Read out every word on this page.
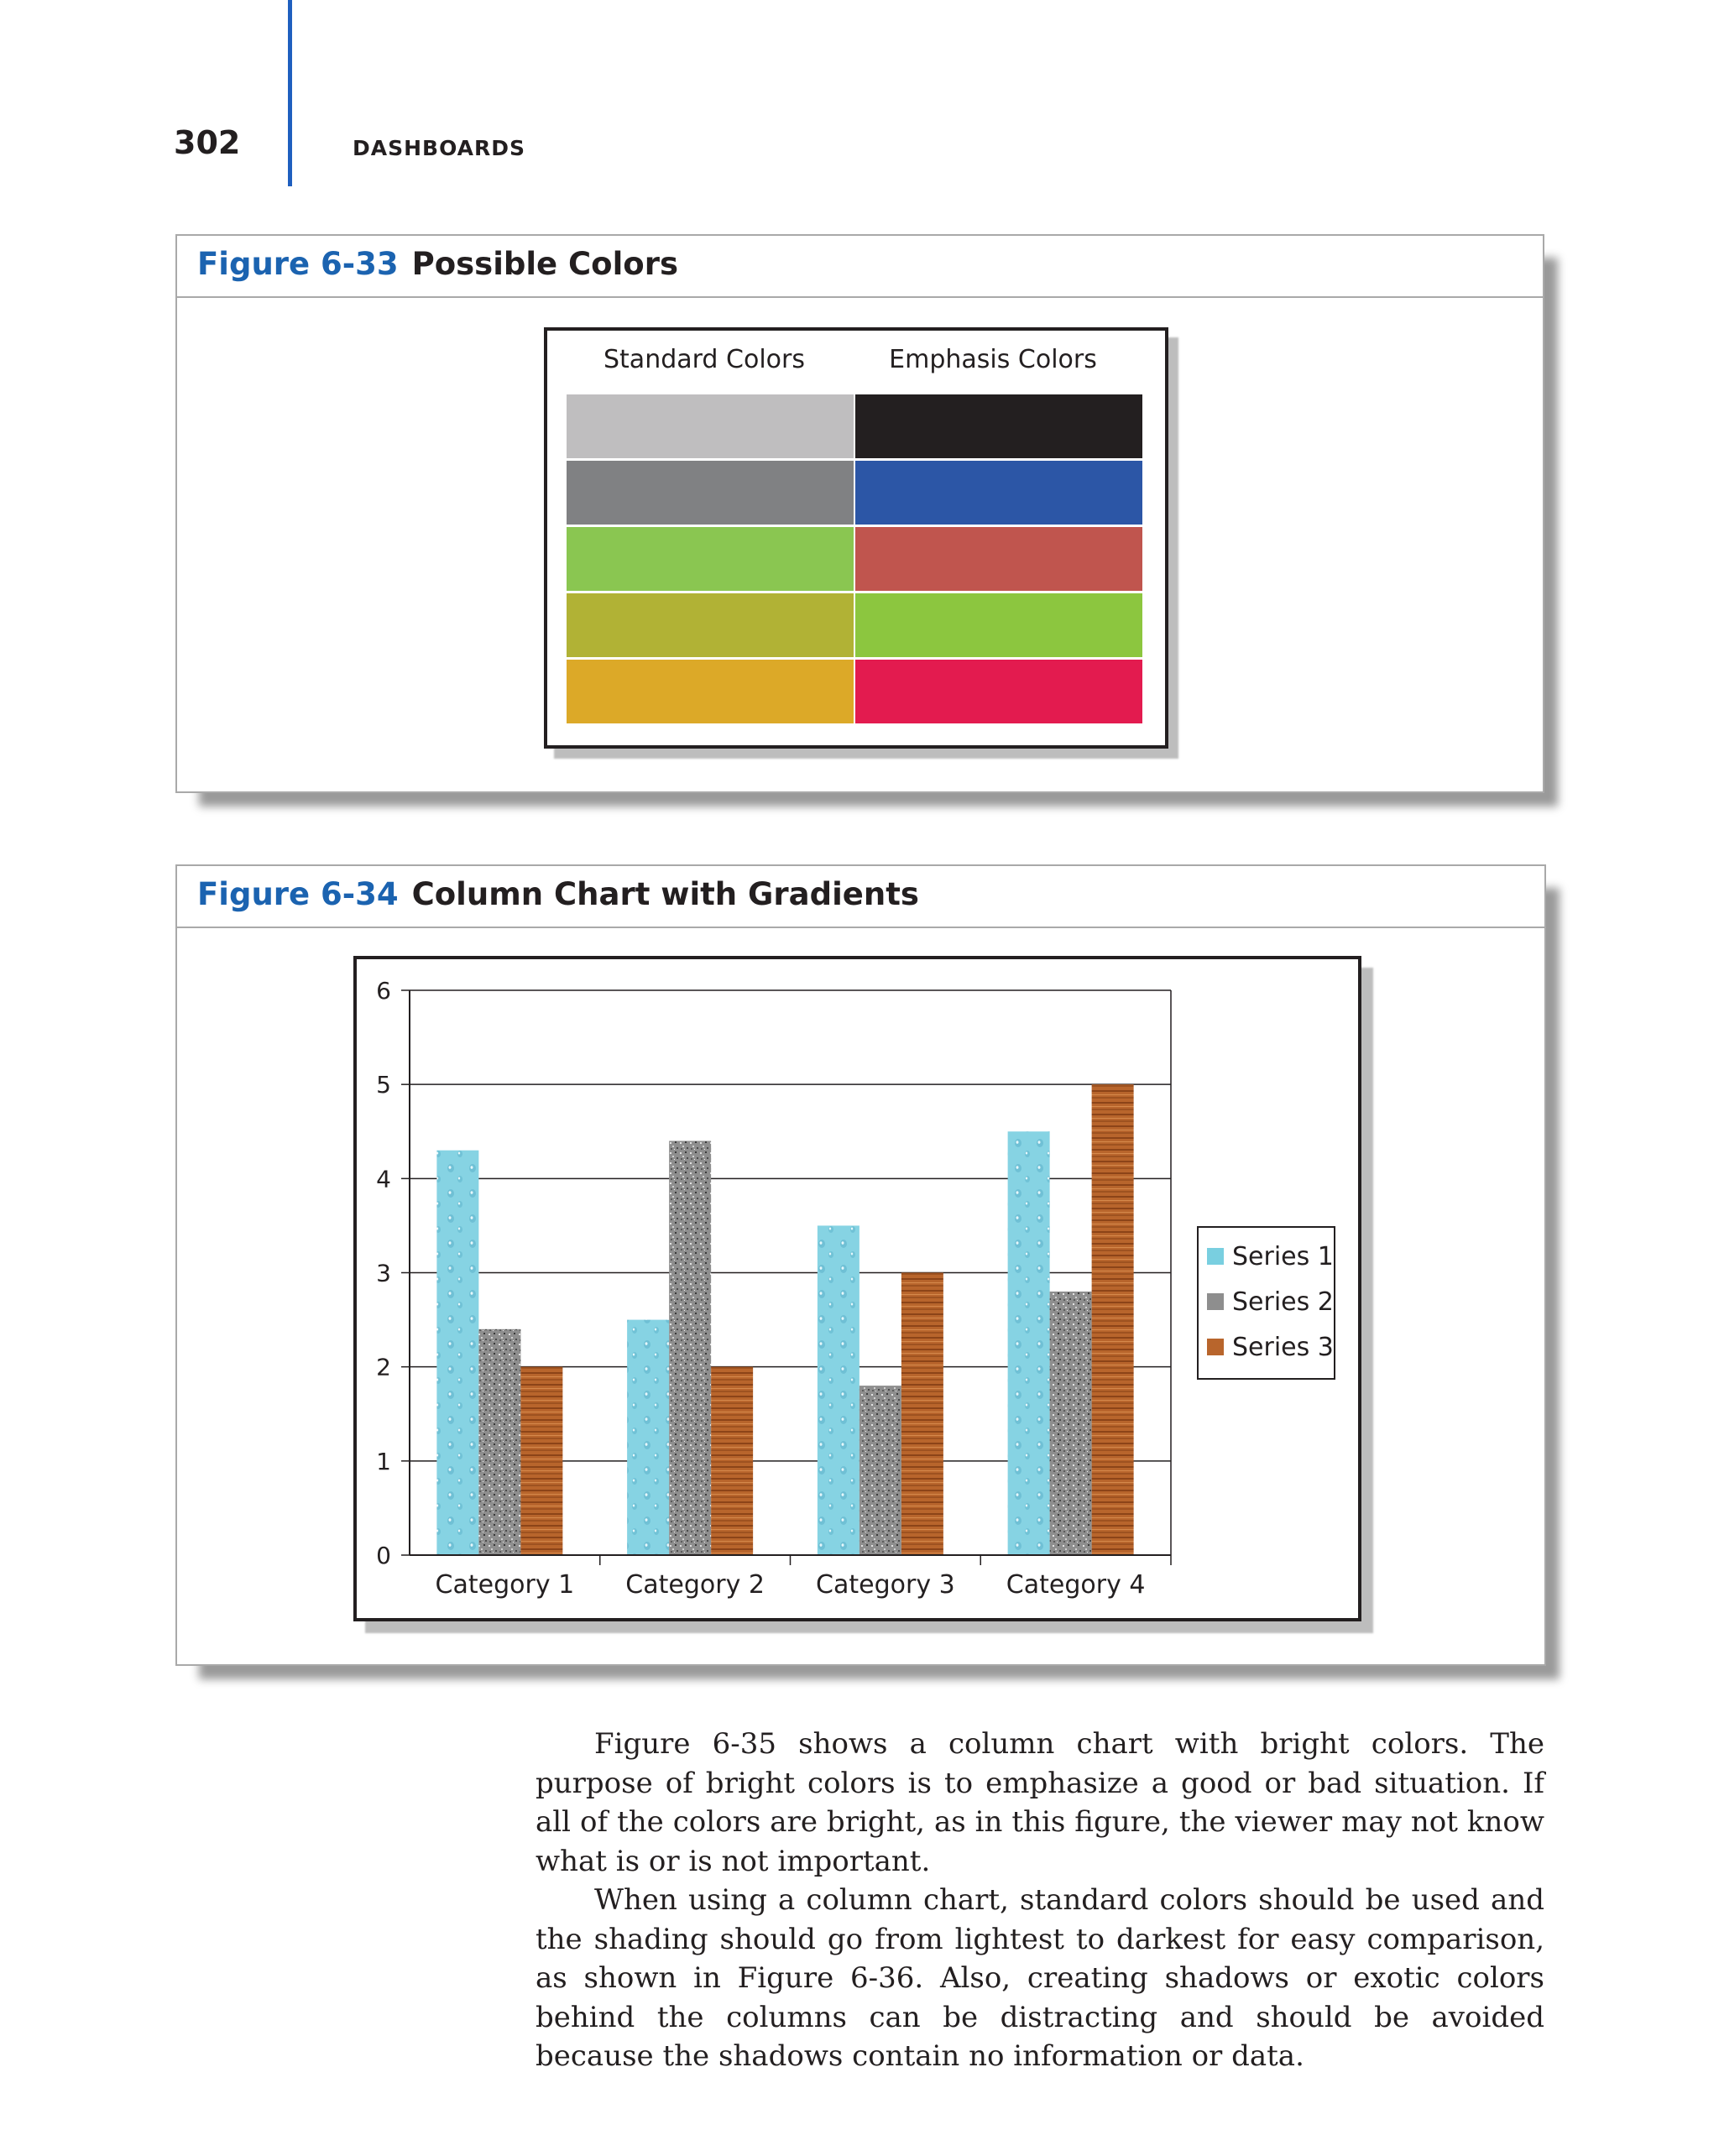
302	DASHBOARDS
Figure 6-33 Possible Colors
Standard Colors	Emphasis Colors
Figure 6-34 Column Chart with Gradients
0
1
2
3
4
5
6
Category 1 Category 2 Category 3 Category 4
Series 1
Series 2
Series 3

Figure 6-35 shows a column chart with bright colors. The purpose of bright colors is to emphasize a good or bad situation. If all of the colors are bright, as in this figure, the viewer may not know what is or is not important.

When using a column chart, standard colors should be used and the shading should go from lightest to darkest for easy comparison, as shown in Figure 6-36. Also, creating shadows or exotic colors behind the columns can be distracting and should be avoided because the shadows contain no information or data.
